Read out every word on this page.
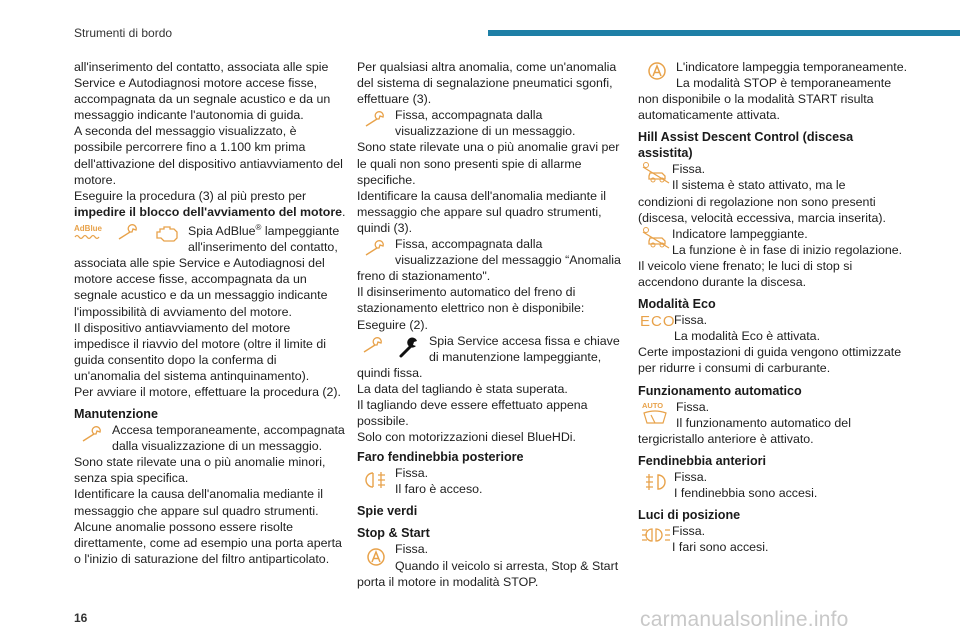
Strumenti di bordo

all'inserimento del contatto, associata alle spie Service e Autodiagnosi motore accese fisse, accompagnata da un segnale acustico e da un messaggio indicante l'autonomia di guida.

A seconda del messaggio visualizzato, è possibile percorrere fino a 1.100 km prima dell'attivazione del dispositivo antiavviamento del motore.

Eseguire la procedura (3) al più presto per impedire il blocco dell'avviamento del motore.

AdBlue	Spia AdBlue® lampeggiante all'inserimento del contatto,

associata alle spie Service e Autodiagnosi del motore accese fisse, accompagnata da un segnale acustico e da un messaggio indicante l'impossibilità di avviamento del motore.

Il dispositivo antiavviamento del motore impedisce il riavvio del motore (oltre il limite di guida consentito dopo la conferma di un'anomalia del sistema antinquinamento).

Per avviare il motore, effettuare la procedura (2).

Manutenzione
Accesa temporaneamente, accompagnata dalla visualizzazione di un messaggio.

Sono state rilevate una o più anomalie minori, senza spia specifica.

Identificare la causa dell'anomalia mediante il messaggio che appare sul quadro strumenti.

Alcune anomalie possono essere risolte direttamente, come ad esempio una porta aperta o l'inizio di saturazione del filtro antiparticolato.

Per qualsiasi altra anomalia, come un'anomalia del sistema di segnalazione pneumatici sgonfi, effettuare (3).

Fissa, accompagnata dalla visualizzazione di un messaggio.

Sono state rilevate una o più anomalie gravi per le quali non sono presenti spie di allarme specifiche.

Identificare la causa dell'anomalia mediante il messaggio che appare sul quadro strumenti, quindi (3).

Fissa, accompagnata dalla visualizzazione del messaggio “Anomalia

freno di stazionamento".

Il disinserimento automatico del freno di stazionamento elettrico non è disponibile: Eseguire (2).

Spia Service accesa fissa e chiave di manutenzione lampeggiante,

quindi fissa.

La data del tagliando è stata superata.

Il tagliando deve essere effettuato appena possibile.

Solo con motorizzazioni diesel BlueHDi.

Faro fendinebbia posteriore
Fissa.
Il faro è acceso.
Spie verdi
Stop & Start
Fissa.
Quando il veicolo si arresta, Stop & Start

porta il motore in modalità STOP.

L'indicatore lampeggia temporaneamente.
La modalità STOP è temporaneamente

non disponibile o la modalità START risulta automaticamente attivata.

Hill Assist Descent Control (discesa assistita)
Fissa.
Il sistema è stato attivato, ma le

condizioni di regolazione non sono presenti (discesa, velocità eccessiva, marcia inserita).

Indicatore lampeggiante.
La funzione è in fase di inizio regolazione.

Il veicolo viene frenato; le luci di stop si accendono durante la discesa.

Modalità Eco
ECO
Fissa.
La modalità Eco è attivata.

Certe impostazioni di guida vengono ottimizzate per ridurre i consumi di carburante.

Funzionamento automatico
AUTO	Fissa.
Il funzionamento automatico del

tergicristallo anteriore è attivato.

Fendinebbia anteriori
Fissa.
I fendinebbia sono accesi.
Luci di posizione
Fissa.
I fari sono accesi.
16	carmanualsonline.info
